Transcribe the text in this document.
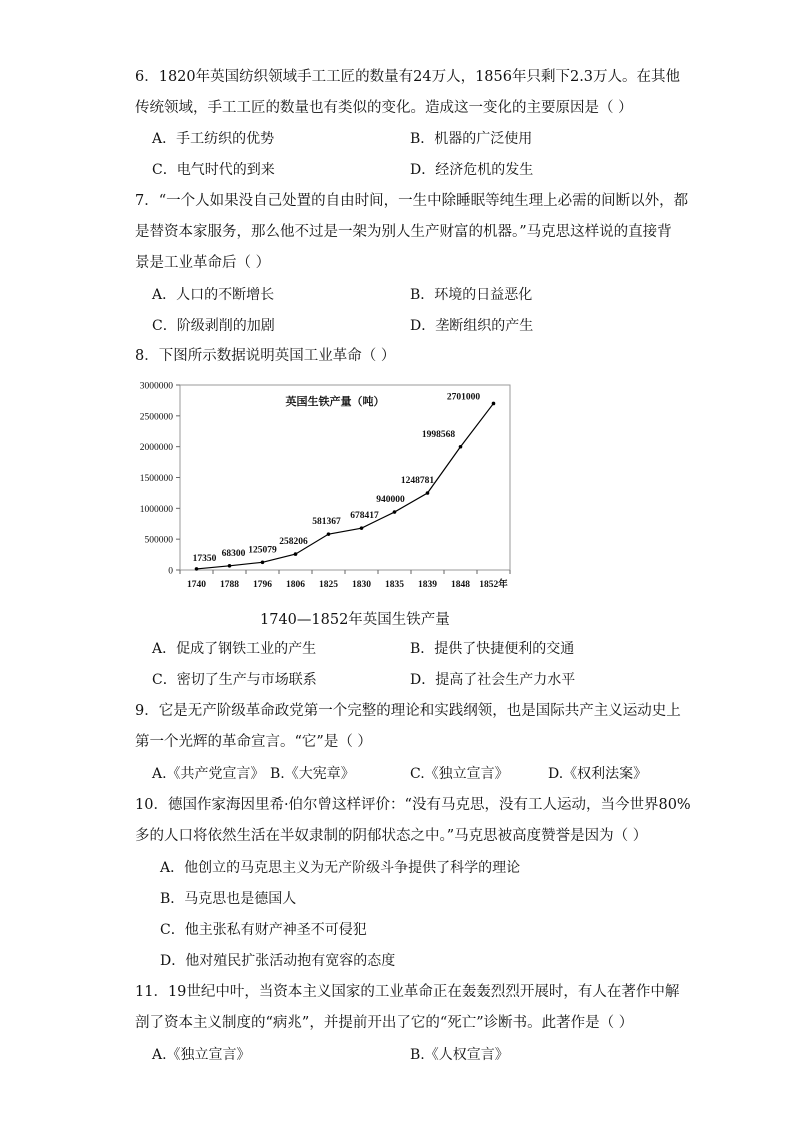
6．1820年英国纺织领域手工工匠的数量有24万人，1856年只剩下2.3万人。在其他
传统领域，手工工匠的数量也有类似的变化。造成这一变化的主要原因是（ ）
A．手工纺织的优势	B．机器的广泛使用
C．电气时代的到来	D．经济危机的发生
7．“一个人如果没自己处置的自由时间，一生中除睡眠等纯生理上必需的间断以外，都
是替资本家服务，那么他不过是一架为别人生产财富的机器。”马克思这样说的直接背
景是工业革命后（ ）
A．人口的不断增长	B．环境的日益恶化
C．阶级剥削的加剧	D．垄断组织的产生
8．下图所示数据说明英国工业革命（ ）
0
500000
1000000
1500000
2000000
2500000
3000000
1740 1788 1796 1806 1825 1830 1835 1839 1848 1852年
英国生铁产量（吨）
17350
68300 125079
258206
581367
678417
940000
1248781
1998568
2701000
1740—1852年英国生铁产量
A．促成了钢铁工业的产生	B．提供了快捷便利的交通
C．密切了生产与市场联系	D．提高了社会生产力水平
9．它是无产阶级革命政党第一个完整的理论和实践纲领，也是国际共产主义运动史上
第一个光辉的革命宣言。“它”是（ ）
A.《共产党宣言》 B.《大宪章》	C.《独立宣言》	D.《权利法案》
10．德国作家海因里希·伯尔曾这样评价：“没有马克思，没有工人运动，当今世界80%
多的人口将依然生活在半奴隶制的阴郁状态之中。”马克思被高度赞誉是因为（ ）
A．他创立的马克思主义为无产阶级斗争提供了科学的理论
B．马克思也是德国人
C．他主张私有财产神圣不可侵犯
D．他对殖民扩张活动抱有宽容的态度
11．19世纪中叶，当资本主义国家的工业革命正在轰轰烈烈开展时，有人在著作中解
剖了资本主义制度的“病兆”，并提前开出了它的“死亡”诊断书。此著作是（ ）
A.《独立宣言》	B.《人权宣言》
